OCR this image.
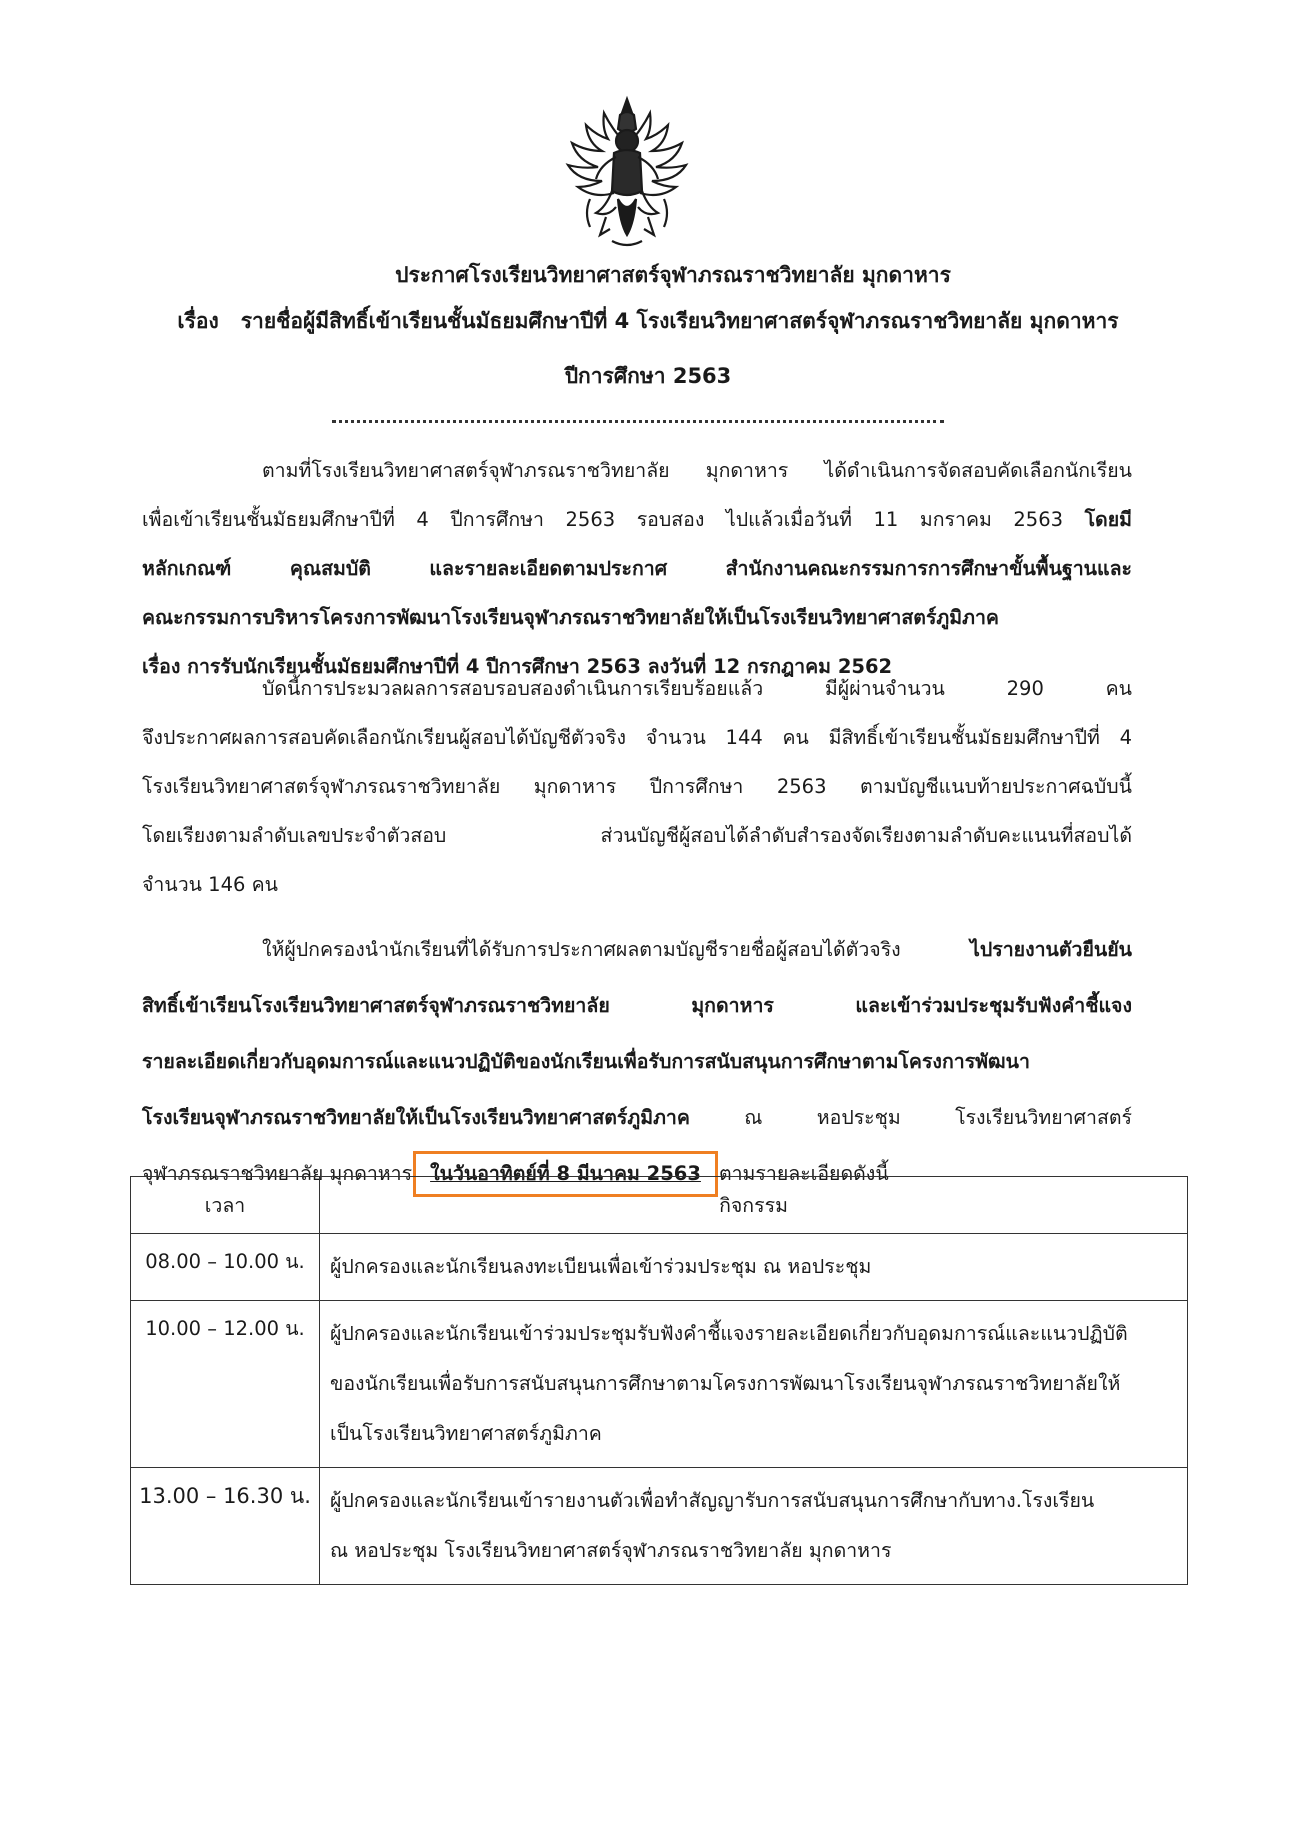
ประกาศโรงเรียนวิทยาศาสตร์จุฬาภรณราชวิทยาลัย มุกดาหาร
เรื่อง รายชื่อผู้มีสิทธิ์เข้าเรียนชั้นมัธยมศึกษาปีที่ 4 โรงเรียนวิทยาศาสตร์จุฬาภรณราชวิทยาลัย มุกดาหาร
ปีการศึกษา 2563
ตามที่โรงเรียนวิทยาศาสตร์จุฬาภรณราชวิทยาลัย มุกดาหาร ได้ดำเนินการจัดสอบคัดเลือกนักเรียน
เพื่อเข้าเรียนชั้นมัธยมศึกษาปีที่ 4 ปีการศึกษา 2563 รอบสอง ไปแล้วเมื่อวันที่ 11 มกราคม 2563 โดยมี
หลักเกณฑ์ คุณสมบัติ และรายละเอียดตามประกาศ สำนักงานคณะกรรมการการศึกษาขั้นพื้นฐานและ
คณะกรรมการบริหารโครงการพัฒนาโรงเรียนจุฬาภรณราชวิทยาลัยให้เป็นโรงเรียนวิทยาศาสตร์ภูมิภาค
เรื่อง การรับนักเรียนชั้นมัธยมศึกษาปีที่ 4 ปีการศึกษา 2563 ลงวันที่ 12 กรกฎาคม 2562
บัดนี้การประมวลผลการสอบรอบสองดำเนินการเรียบร้อยแล้ว มีผู้ผ่านจำนวน 290 คน
จึงประกาศผลการสอบคัดเลือกนักเรียนผู้สอบได้บัญชีตัวจริง จำนวน 144 คน มีสิทธิ์เข้าเรียนชั้นมัธยมศึกษาปีที่ 4
โรงเรียนวิทยาศาสตร์จุฬาภรณราชวิทยาลัย มุกดาหาร ปีการศึกษา 2563 ตามบัญชีแนบท้ายประกาศฉบับนี้
โดยเรียงตามลำดับเลขประจำตัวสอบ ส่วนบัญชีผู้สอบได้ลำดับสำรองจัดเรียงตามลำดับคะแนนที่สอบได้
จำนวน 146 คน
ให้ผู้ปกครองนำนักเรียนที่ได้รับการประกาศผลตามบัญชีรายชื่อผู้สอบได้ตัวจริง	ไปรายงานตัวยืนยัน
สิทธิ์เข้าเรียนโรงเรียนวิทยาศาสตร์จุฬาภรณราชวิทยาลัย มุกดาหาร และเข้าร่วมประชุมรับฟังคำชี้แจง
รายละเอียดเกี่ยวกับอุดมการณ์และแนวปฏิบัติของนักเรียนเพื่อรับการสนับสนุนการศึกษาตามโครงการพัฒนา
โรงเรียนจุฬาภรณราชวิทยาลัยให้เป็นโรงเรียนวิทยาศาสตร์ภูมิภาค	ณ หอประชุม โรงเรียนวิทยาศาสตร์
จุฬาภรณราชวิทยาลัย มุกดาหาร ในวันอาทิตย์ที่ 8 มีนาคม 2563 ตามรายละเอียดดังนี้
เวลา	กิจกรรม
08.00 – 10.00 น.	ผู้ปกครองและนักเรียนลงทะเบียนเพื่อเข้าร่วมประชุม ณ หอประชุม

10.00 – 12.00 น.	ผู้ปกครองและนักเรียนเข้าร่วมประชุมรับฟังคำชี้แจงรายละเอียดเกี่ยวกับอุดมการณ์และแนวปฏิบัติ
ของนักเรียนเพื่อรับการสนับสนุนการศึกษาตามโครงการพัฒนาโรงเรียนจุฬาภรณราชวิทยาลัยให้
เป็นโรงเรียนวิทยาศาสตร์ภูมิภาค

13.00 – 16.30 น.	ผู้ปกครองและนักเรียนเข้ารายงานตัวเพื่อทำสัญญารับการสนับสนุนการศึกษากับทาง.โรงเรียน
ณ หอประชุม โรงเรียนวิทยาศาสตร์จุฬาภรณราชวิทยาลัย มุกดาหาร
